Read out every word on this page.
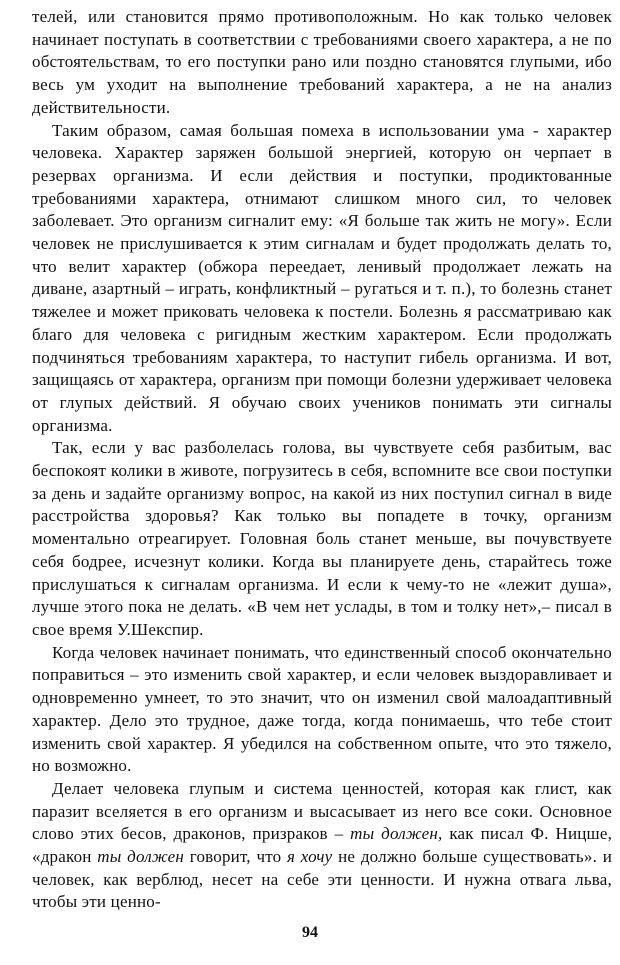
телей, или становится прямо противоположным. Но как только человек начинает поступать в соответствии с требованиями своего характера, а не по обстоятельствам, то его поступки рано или поздно становятся глупыми, ибо весь ум уходит на выполнение требований характера, а не на анализ действительности.

Таким образом, самая большая помеха в использовании ума - характер человека. Характер заряжен большой энергией, которую он черпает в резервах организма. И если действия и поступки, продиктованные требованиями характера, отнимают слишком много сил, то человек заболевает. Это организм сигналит ему: «Я больше так жить не могу». Если человек не прислушивается к этим сигналам и будет продолжать делать то, что велит характер (обжора переедает, ленивый продолжает лежать на диване, азартный – играть, конфликтный – ругаться и т. п.), то болезнь станет тяжелее и может приковать человека к постели. Болезнь я рассматриваю как благо для человека с ригидным жестким характером. Если продолжать подчиняться требованиям характера, то наступит гибель организма. И вот, защищаясь от характера, организм при помощи болезни удерживает человека от глупых действий. Я обучаю своих учеников понимать эти сигналы организма.

Так, если у вас разболелась голова, вы чувствуете себя разбитым, вас беспокоят колики в животе, погрузитесь в себя, вспомните все свои поступки за день и задайте организму вопрос, на какой из них поступил сигнал в виде расстройства здоровья? Как только вы попадете в точку, организм моментально отреагирует. Головная боль станет меньше, вы почувствуете себя бодрее, исчезнут колики. Когда вы планируете день, старайтесь тоже прислушаться к сигналам организма. И если к чему-то не «лежит душа», лучше этого пока не делать. «В чем нет услады, в том и толку нет»,– писал в свое время У.Шекспир.

Когда человек начинает понимать, что единственный способ окончательно поправиться – это изменить свой характер, и если человек выздоравливает и одновременно умнеет, то это значит, что он изменил свой малоадаптивный характер. Дело это трудное, даже тогда, когда понимаешь, что тебе стоит изменить свой характер. Я убедился на собственном опыте, что это тяжело, но возможно.

Делает человека глупым и система ценностей, которая как глист, как паразит вселяется в его организм и высасывает из него все соки. Основное слово этих бесов, драконов, призраков – ты должен, как писал Ф. Ницше, «дракон ты должен говорит, что я хочу не должно больше существовать». и человек, как верблюд, несет на себе эти ценности. И нужна отвага льва, чтобы эти ценно-

94
